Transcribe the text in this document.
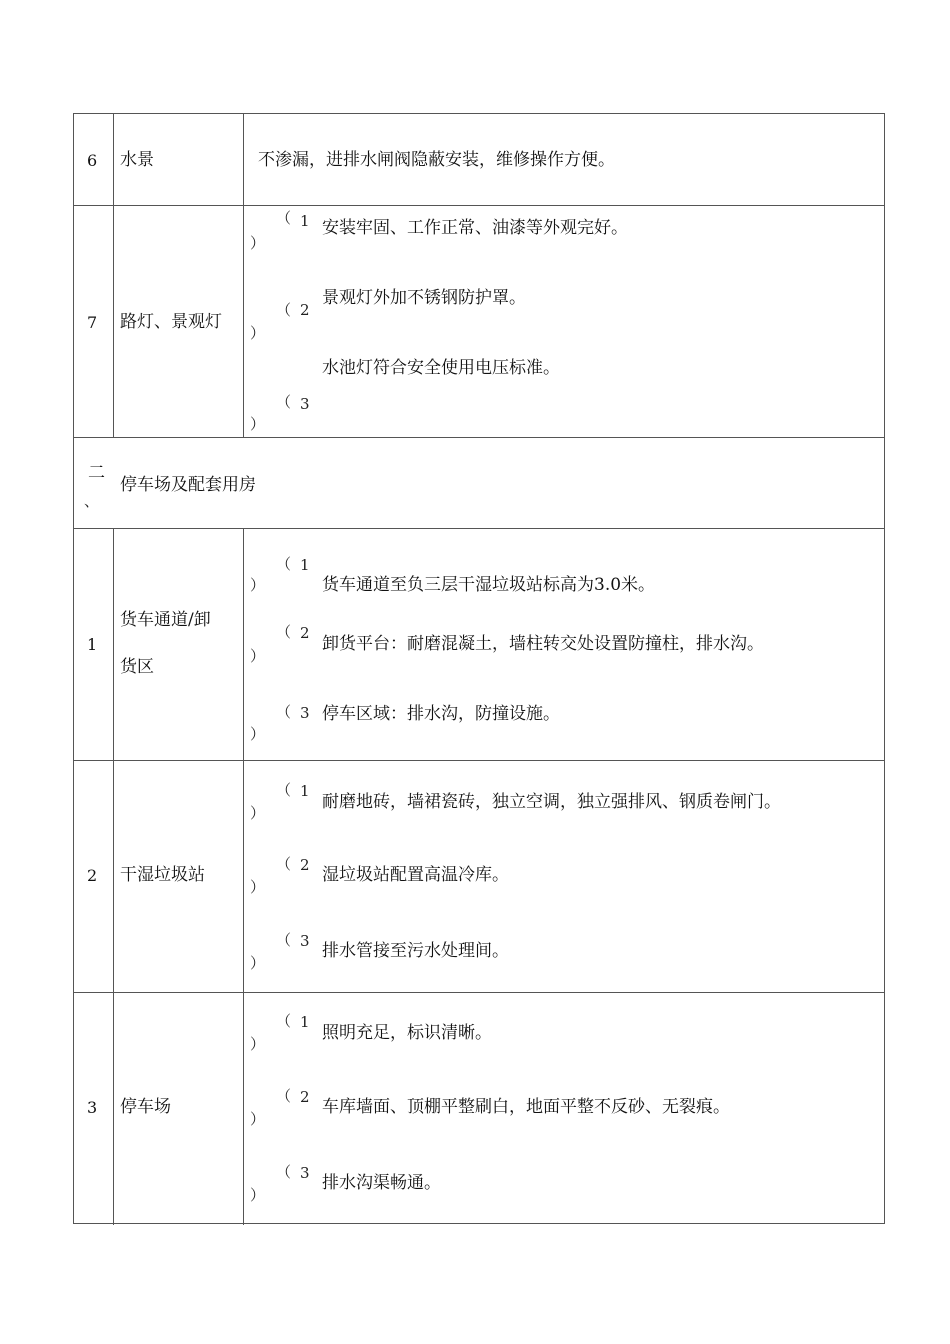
6 水景	不渗漏，进排水闸阀隐蔽安装，维修操作方便。
7 路灯、景观灯
（ 1
）
安装牢固、工作正常、油漆等外观完好。
（ 2
）
景观灯外加不锈钢防护罩。
水池灯符合安全使用电压标准。
（ 3
）
二
、
停车场及配套用房
1
货车通道/卸
货区
（ 1
）	货车通道至负三层干湿垃圾站标高为3.0米。
（ 2
）
卸货平台：耐磨混凝土，墙柱转交处设置防撞柱，排水沟。
（ 3
）
停车区域：排水沟，防撞设施。
2 干湿垃圾站
（ 1
）
耐磨地砖，墙裙瓷砖，独立空调，独立强排风、钢质卷闸门。
（ 2
）
湿垃圾站配置高温冷库。
（ 3
）
排水管接至污水处理间。
3 停车场
（ 1
）
照明充足，标识清晰。
（ 2
）
车库墙面、顶棚平整刷白，地面平整不反砂、无裂痕。
（ 3
）
排水沟渠畅通。
